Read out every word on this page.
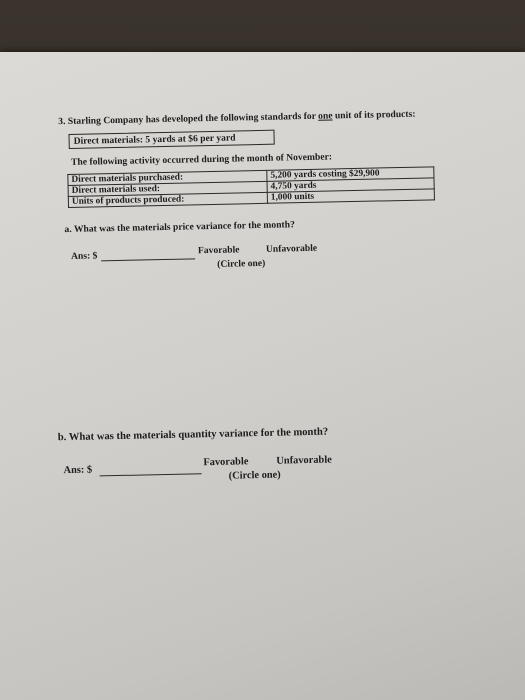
3. Starling Company has developed the following standards for one unit of its products:
Direct materials: 5 yards at $6 per yard
The following activity occurred during the month of November:
Direct materials purchased:	5,200 yards costing $29,900
Direct materials used:	4,750 yards
Units of products produced:	1,000 units
a. What was the materials price variance for the month?
Ans: $	Favorable	Unfavorable
(Circle one)
b. What was the materials quantity variance for the month?
Ans: $
Favorable	Unfavorable
(Circle one)
